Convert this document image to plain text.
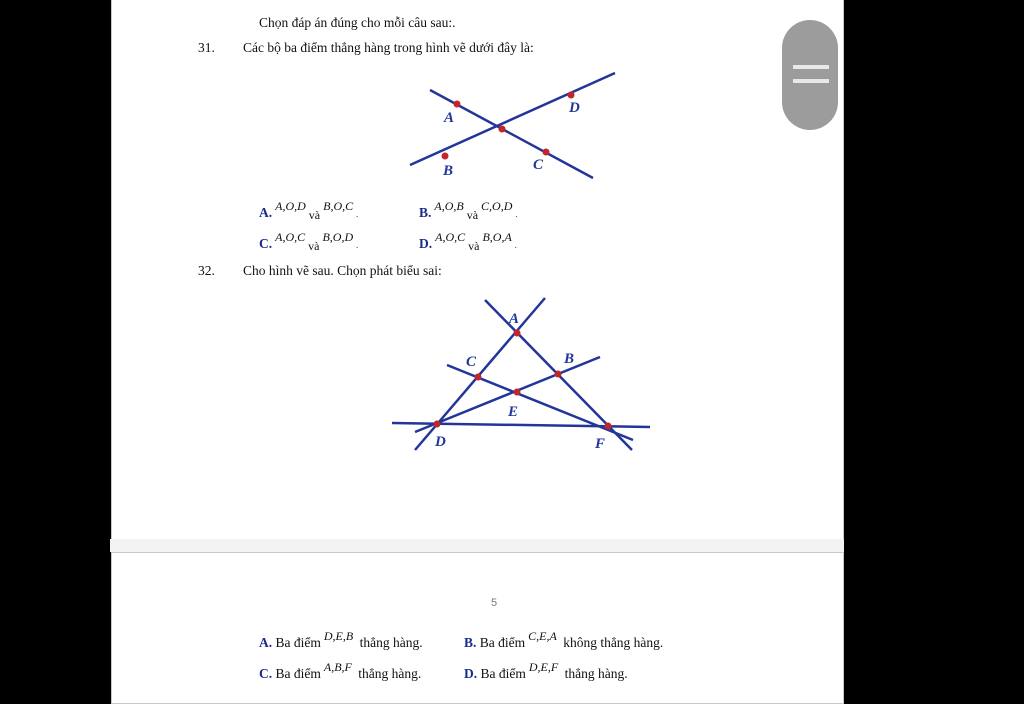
Chọn đáp án đúng cho mỗi câu sau:.
31. Các bộ ba điểm thẳng hàng trong hình vẽ dưới đây là:
A
D
B	C
A
C	B
E
D	F
A. A,O,DvàB,O,C.	B. A,O,BvàC,O,D.
C. A,O,CvàB,O,D.	D. A,O,CvàB,O,A.
32. Cho hình vẽ sau. Chọn phát biểu sai:
5
A. Ba điểm D,E,B thẳng hàng.	B. Ba điểm C,E,A không thẳng hàng.
C. Ba điểm A,B,F thẳng hàng.	D. Ba điểm D,E,F thẳng hàng.
